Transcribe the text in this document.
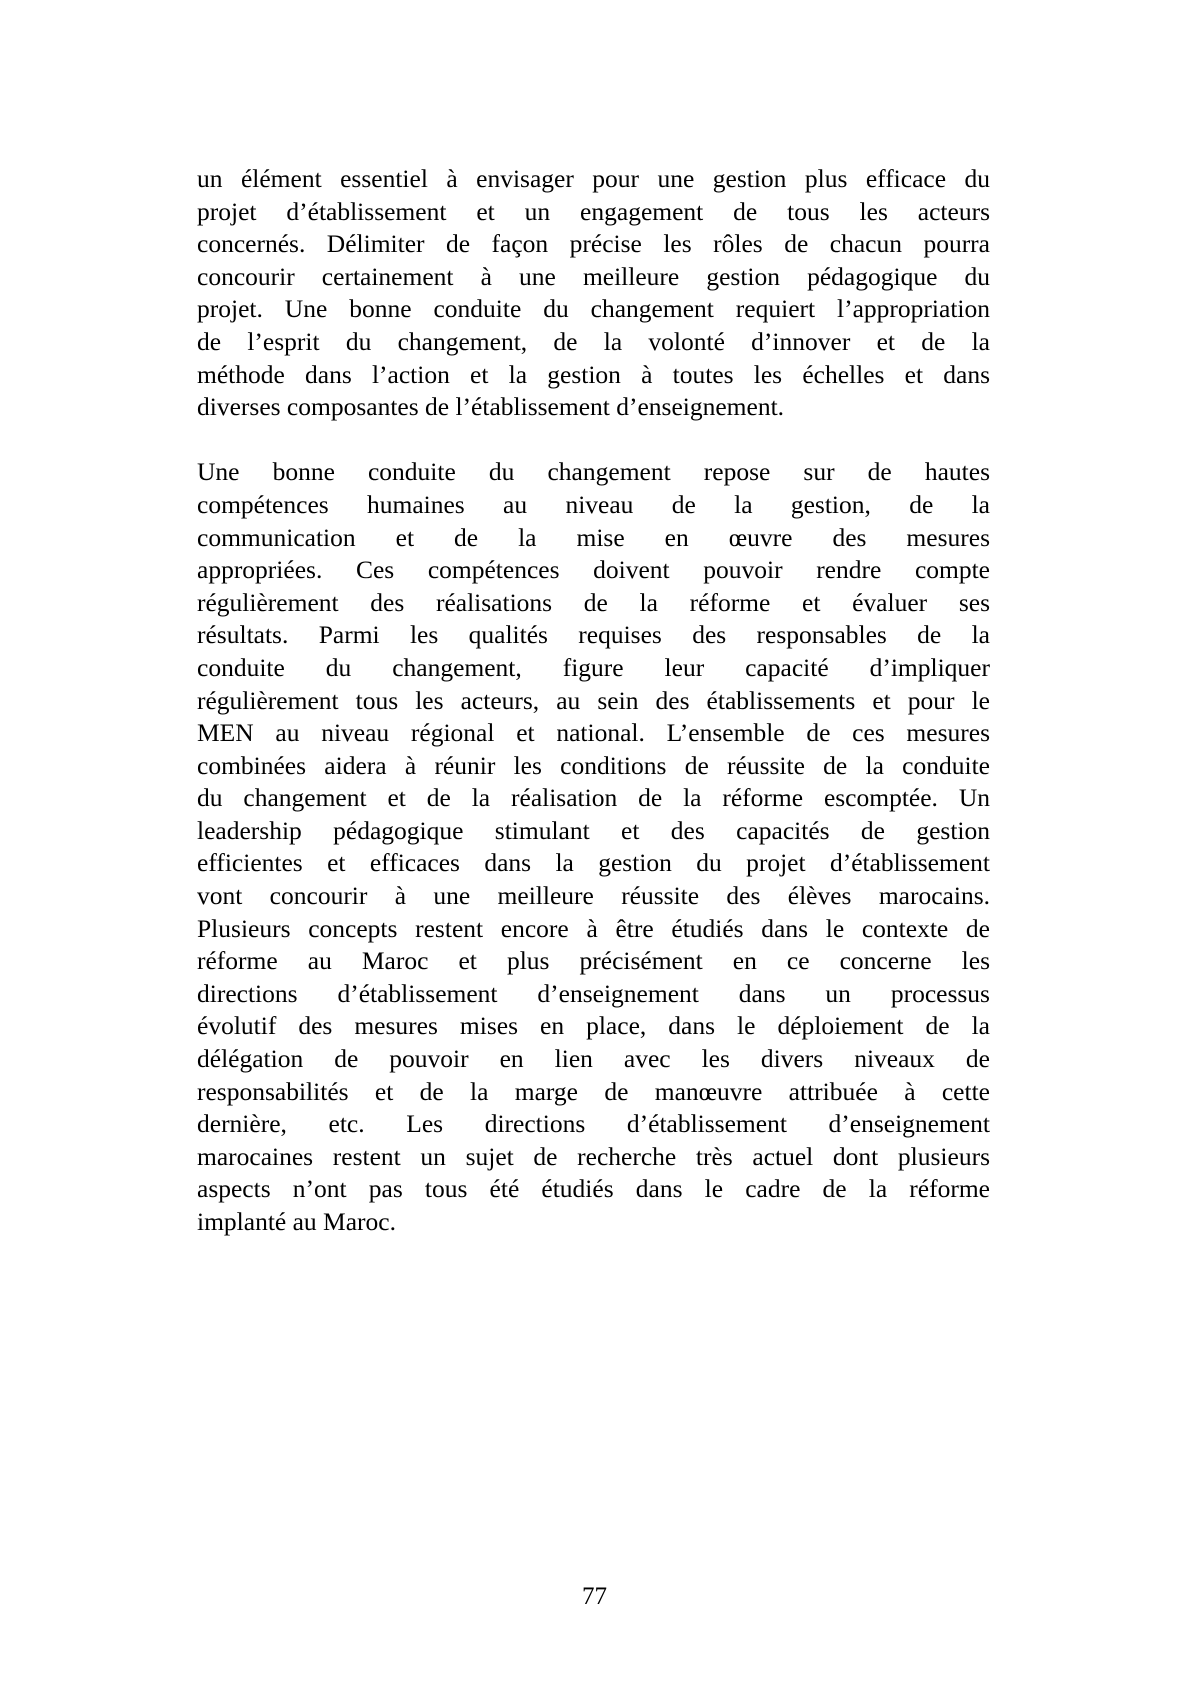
un élément essentiel à envisager pour une gestion plus efficace du
projet d’établissement et un engagement de tous les acteurs
concernés. Délimiter de façon précise les rôles de chacun pourra
concourir certainement à une meilleure gestion pédagogique du
projet. Une bonne conduite du changement requiert l’appropriation
de l’esprit du changement, de la volonté d’innover et de la
méthode dans l’action et la gestion à toutes les échelles et dans
diverses composantes de l’établissement d’enseignement.
Une bonne conduite du changement repose sur de hautes
compétences humaines au niveau de la gestion, de la
communication et de la mise en œuvre des mesures
appropriées. Ces compétences doivent pouvoir rendre compte
régulièrement des réalisations de la réforme et évaluer ses
résultats. Parmi les qualités requises des responsables de la
conduite du changement, figure leur capacité d’impliquer
régulièrement tous les acteurs, au sein des établissements et pour le
MEN au niveau régional et national. L’ensemble de ces mesures
combinées aidera à réunir les conditions de réussite de la conduite
du changement et de la réalisation de la réforme escomptée. Un
leadership pédagogique stimulant et des capacités de gestion
efficientes et efficaces dans la gestion du projet d’établissement
vont concourir à une meilleure réussite des élèves marocains.
Plusieurs concepts restent encore à être étudiés dans le contexte de
réforme au Maroc et plus précisément en ce concerne les
directions d’établissement d’enseignement dans un processus
évolutif des mesures mises en place, dans le déploiement de la
délégation de pouvoir en lien avec les divers niveaux de
responsabilités et de la marge de manœuvre attribuée à cette
dernière, etc. Les directions d’établissement d’enseignement
marocaines restent un sujet de recherche très actuel dont plusieurs
aspects n’ont pas tous été étudiés dans le cadre de la réforme
implanté au Maroc.
77
